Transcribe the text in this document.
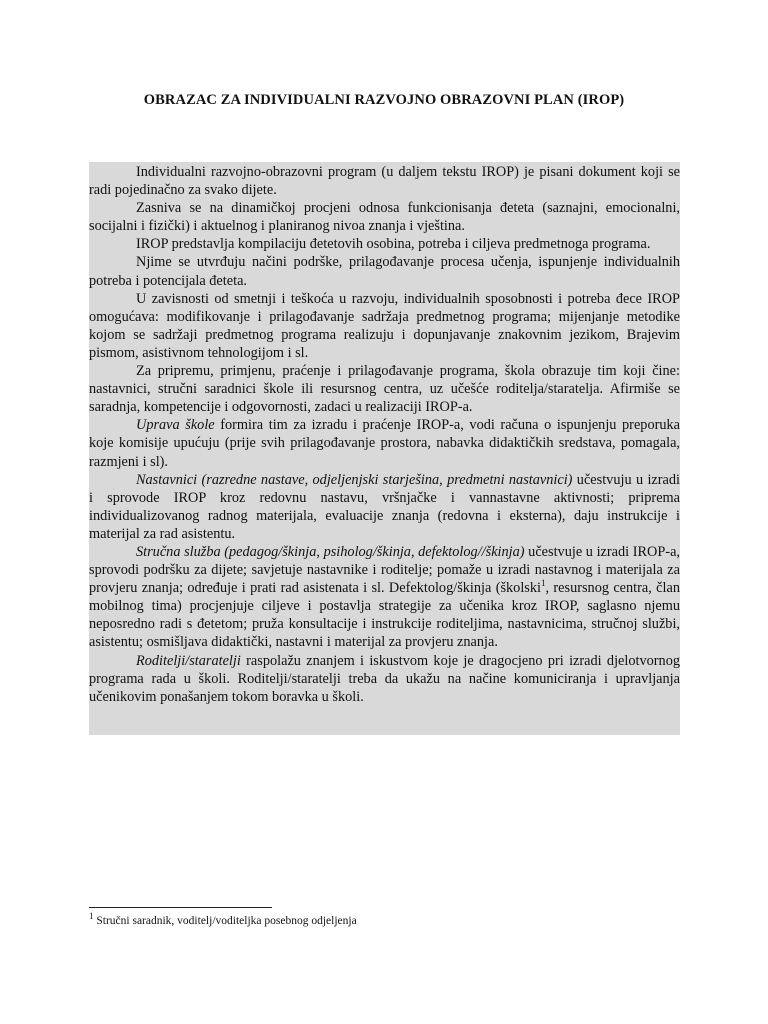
OBRAZAC ZA INDIVIDUALNI RAZVOJNO OBRAZOVNI PLAN (IROP)

Individualni razvojno-obrazovni program (u daljem tekstu IROP) je pisani dokument koji se radi pojedinačno za svako dijete.

Zasniva se na dinamičkoj procjeni odnosa funkcionisanja đeteta (saznajni, emocionalni, socijalni i fizički) i aktuelnog i planiranog nivoa znanja i vještina.

IROP predstavlja kompilaciju đetetovih osobina, potreba i ciljeva predmetnoga programa.

Njime se utvrđuju načini podrške, prilagođavanje procesa učenja, ispunjenje individualnih potreba i potencijala đeteta.

U zavisnosti od smetnji i teškoća u razvoju, individualnih sposobnosti i potreba đece IROP omogućava: modifikovanje i prilagođavanje sadržaja predmetnog programa; mijenjanje metodike kojom se sadržaji predmetnog programa realizuju i dopunjavanje znakovnim jezikom, Brajevim pismom, asistivnom tehnologijom i sl.

Za pripremu, primjenu, praćenje i prilagođavanje programa, škola obrazuje tim koji čine: nastavnici, stručni saradnici škole ili resursnog centra, uz učešće roditelja/staratelja. Afirmiše se saradnja, kompetencije i odgovornosti, zadaci u realizaciji IROP-a.

Uprava škole formira tim za izradu i praćenje IROP-a, vodi računa o ispunjenju preporuka koje komisije upućuju (prije svih prilagođavanje prostora, nabavka didaktičkih sredstava, pomagala, razmjeni i sl).

Nastavnici (razredne nastave, odjeljenjski starješina, predmetni nastavnici) učestvuju u izradi i sprovode IROP kroz redovnu nastavu, vršnjačke i vannastavne aktivnosti; priprema individualizovanog radnog materijala, evaluacije znanja (redovna i eksterna), daju instrukcije i materijal za rad asistentu.

Stručna služba (pedagog/škinja, psiholog/škinja, defektolog//škinja) učestvuje u izradi IROP-a, sprovodi podršku za dijete; savjetuje nastavnike i roditelje; pomaže u izradi nastavnog i materijala za provjeru znanja; određuje i prati rad asistenata i sl. Defektolog/škinja (školski$^1$, resursnog centra, član mobilnog tima) procjenjuje ciljeve i postavlja strategije za učenika kroz IROP, saglasno njemu neposredno radi s đetetom; pruža konsultacije i instrukcije roditeljima, nastavnicima, stručnoj službi, asistentu; osmišljava didaktički, nastavni i materijal za provjeru znanja.

Roditelji/staratelji raspolažu znanjem i iskustvom koje je dragocjeno pri izradi djelotvornog programa rada u školi. Roditelji/staratelji treba da ukažu na načine komuniciranja i upravljanja učenikovim ponašanjem tokom boravka u školi.

$^1$ Stručni saradnik, voditelj/voditeljka posebnog odjeljenja
